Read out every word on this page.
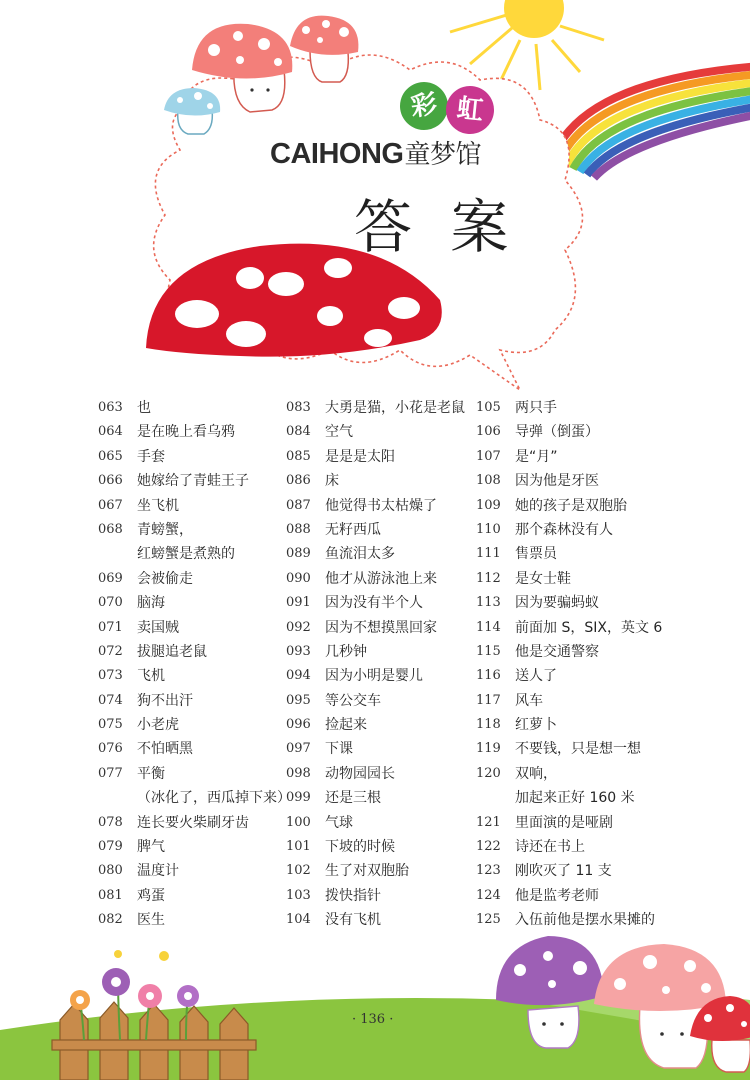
彩 虹
CAIHONG童梦馆
答 案
063	也
064	是在晚上看乌鸦
065	手套
066	她嫁给了青蛙王子
067	坐飞机
068	青螃蟹，
红螃蟹是煮熟的
069	会被偷走
070	脑海
071	卖国贼
072	拔腿追老鼠
073	飞机
074	狗不出汗
075	小老虎
076	不怕晒黑
077	平衡
（冰化了，西瓜掉下来）
078	连长要火柴刷牙齿
079	脾气
080	温度计
081	鸡蛋
082	医生
083	大勇是猫，小花是老鼠
084	空气
085	是是是太阳
086	床
087	他觉得书太枯燥了
088	无籽西瓜
089	鱼流泪太多
090	他才从游泳池上来
091	因为没有半个人
092	因为不想摸黑回家
093	几秒钟
094	因为小明是婴儿
095	等公交车
096	捡起来
097	下课
098	动物园园长
099	还是三根
100	气球
101	下坡的时候
102	生了对双胞胎
103	拨快指针
104	没有飞机
105	两只手
106	导弹（倒蛋）
107	是“月”
108	因为他是牙医
109	她的孩子是双胞胎
110	那个森林没有人
111	售票员
112	是女士鞋
113	因为要骗蚂蚁
114	前面加 S，SIX，英文 6
115	他是交通警察
116	送人了
117	风车
118	红萝卜
119	不要钱，只是想一想
120	双响，
加起来正好 160 米
121	里面演的是哑剧
122	诗还在书上
123	刚吹灭了 11 支
124	他是监考老师
125	入伍前他是摆水果摊的
· 136 ·
